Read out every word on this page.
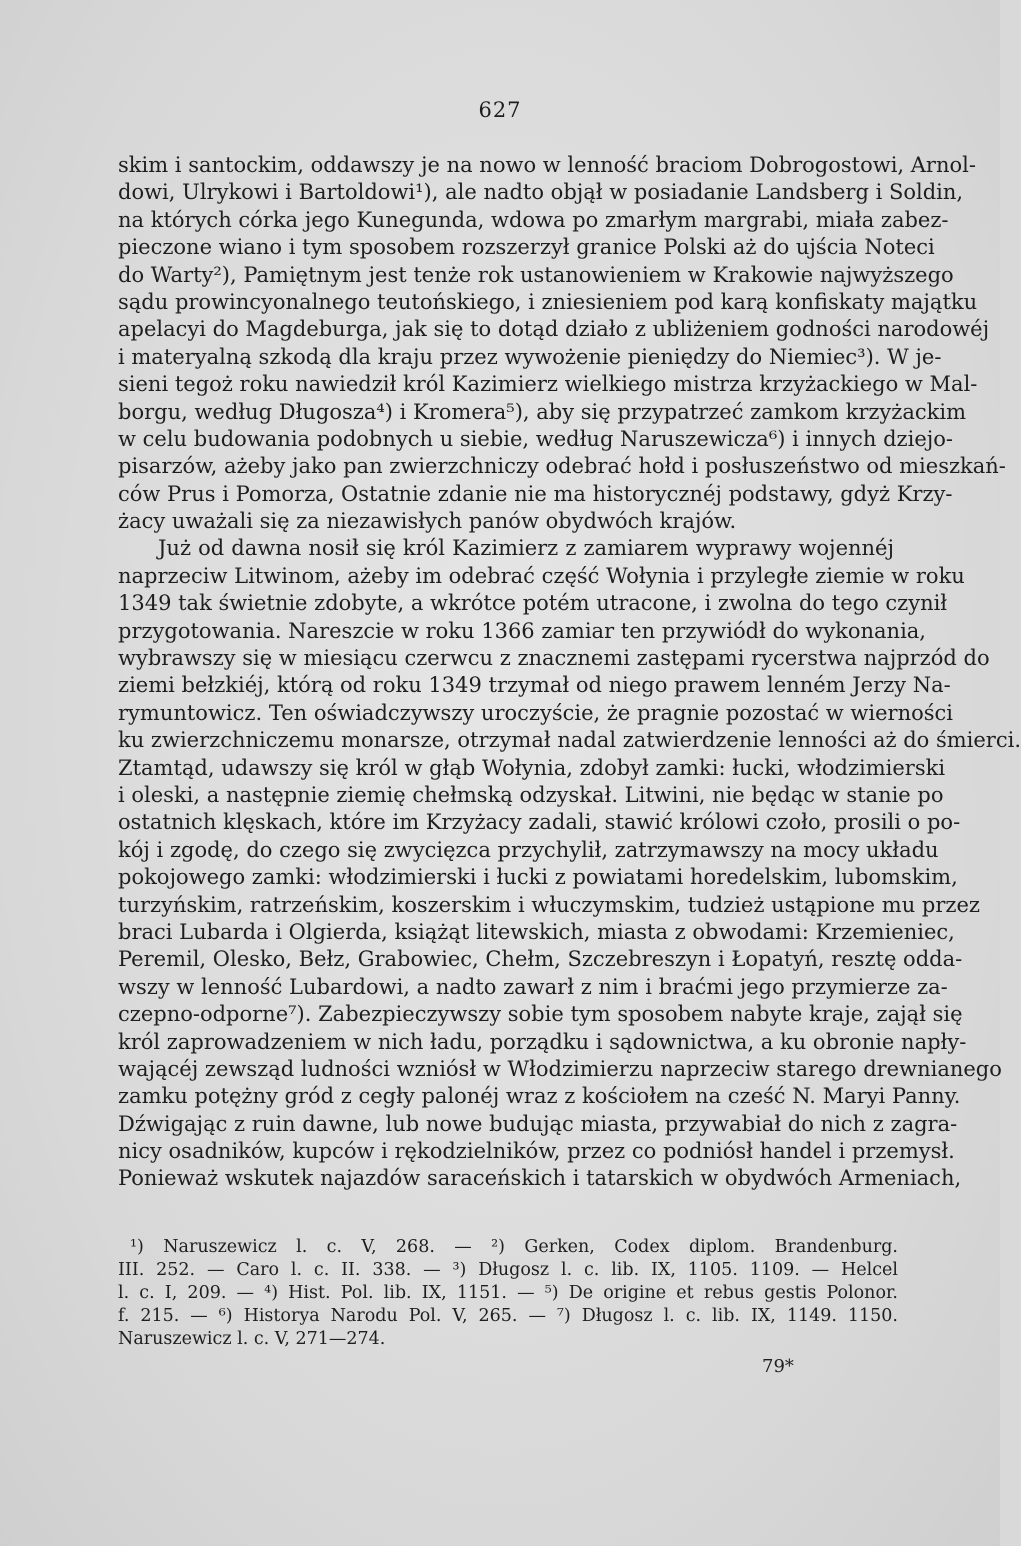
627
skim i santockim, oddawszy je na nowo w lenność braciom Dobrogostowi, Arnol-
dowi, Ulrykowi i Bartoldowi¹), ale nadto objął w posiadanie Landsberg i Soldin,
na których córka jego Kunegunda, wdowa po zmarłym margrabi, miała zabez-
pieczone wiano i tym sposobem rozszerzył granice Polski aż do ujścia Noteci
do Warty²), Pamiętnym jest tenże rok ustanowieniem w Krakowie najwyższego
sądu prowincyonalnego teutońskiego, i zniesieniem pod karą konfiskaty majątku
apelacyi do Magdeburga, jak się to dotąd działo z ubliżeniem godności narodowéj
i materyalną szkodą dla kraju przez wywożenie pieniędzy do Niemiec³). W je-
sieni tegoż roku nawiedził król Kazimierz wielkiego mistrza krzyżackiego w Mal-
borgu, według Długosza⁴) i Kromera⁵), aby się przypatrzeć zamkom krzyżackim
w celu budowania podobnych u siebie, według Naruszewicza⁶) i innych dziejo-
pisarzów, ażeby jako pan zwierzchniczy odebrać hołd i posłuszeństwo od mieszkań-
ców Prus i Pomorza, Ostatnie zdanie nie ma historycznéj podstawy, gdyż Krzy-
żacy uważali się za niezawisłych panów obydwóch krajów.
Już od dawna nosił się król Kazimierz z zamiarem wyprawy wojennéj
naprzeciw Litwinom, ażeby im odebrać część Wołynia i przyległe ziemie w roku
1349 tak świetnie zdobyte, a wkrótce potém utracone, i zwolna do tego czynił
przygotowania. Nareszcie w roku 1366 zamiar ten przywiódł do wykonania,
wybrawszy się w miesiącu czerwcu z znacznemi zastępami rycerstwa najprzód do
ziemi bełzkiéj, którą od roku 1349 trzymał od niego prawem lenném Jerzy Na-
rymuntowicz. Ten oświadczywszy uroczyście, że pragnie pozostać w wierności
ku zwierzchniczemu monarsze, otrzymał nadal zatwierdzenie lenności aż do śmierci.
Ztamtąd, udawszy się król w głąb Wołynia, zdobył zamki: łucki, włodzimierski
i oleski, a następnie ziemię chełmską odzyskał. Litwini, nie będąc w stanie po
ostatnich klęskach, które im Krzyżacy zadali, stawić królowi czoło, prosili o po-
kój i zgodę, do czego się zwycięzca przychylił, zatrzymawszy na mocy układu
pokojowego zamki: włodzimierski i łucki z powiatami horedelskim, lubomskim,
turzyńskim, ratrzeńskim, koszerskim i włuczymskim, tudzież ustąpione mu przez
braci Lubarda i Olgierda, książąt litewskich, miasta z obwodami: Krzemieniec,
Peremil, Olesko, Bełz, Grabowiec, Chełm, Szczebreszyn i Łopatyń, resztę odda-
wszy w lenność Lubardowi, a nadto zawarł z nim i braćmi jego przymierze za-
czepno-odporne⁷). Zabezpieczywszy sobie tym sposobem nabyte kraje, zajął się
król zaprowadzeniem w nich ładu, porządku i sądownictwa, a ku obronie napły-
wającéj zewsząd ludności wzniósł w Włodzimierzu naprzeciw starego drewnianego
zamku potężny gród z cegły palonéj wraz z kościołem na cześć N. Maryi Panny.
Dźwigając z ruin dawne, lub nowe budując miasta, przywabiał do nich z zagra-
nicy osadników, kupców i rękodzielników, przez co podniósł handel i przemysł.
Ponieważ wskutek najazdów saraceńskich i tatarskich w obydwóch Armeniach,
¹) Naruszewicz l. c. V, 268. — ²) Gerken, Codex diplom. Brandenburg.
III. 252. — Caro l. c. II. 338. — ³) Długosz l. c. lib. IX, 1105. 1109. — Helcel
l. c. I, 209. — ⁴) Hist. Pol. lib. IX, 1151. — ⁵) De origine et rebus gestis Polonor.
f. 215. — ⁶) Historya Narodu Pol. V, 265. — ⁷) Długosz l. c. lib. IX, 1149. 1150.
Naruszewicz l. c. V, 271—274.
79*
